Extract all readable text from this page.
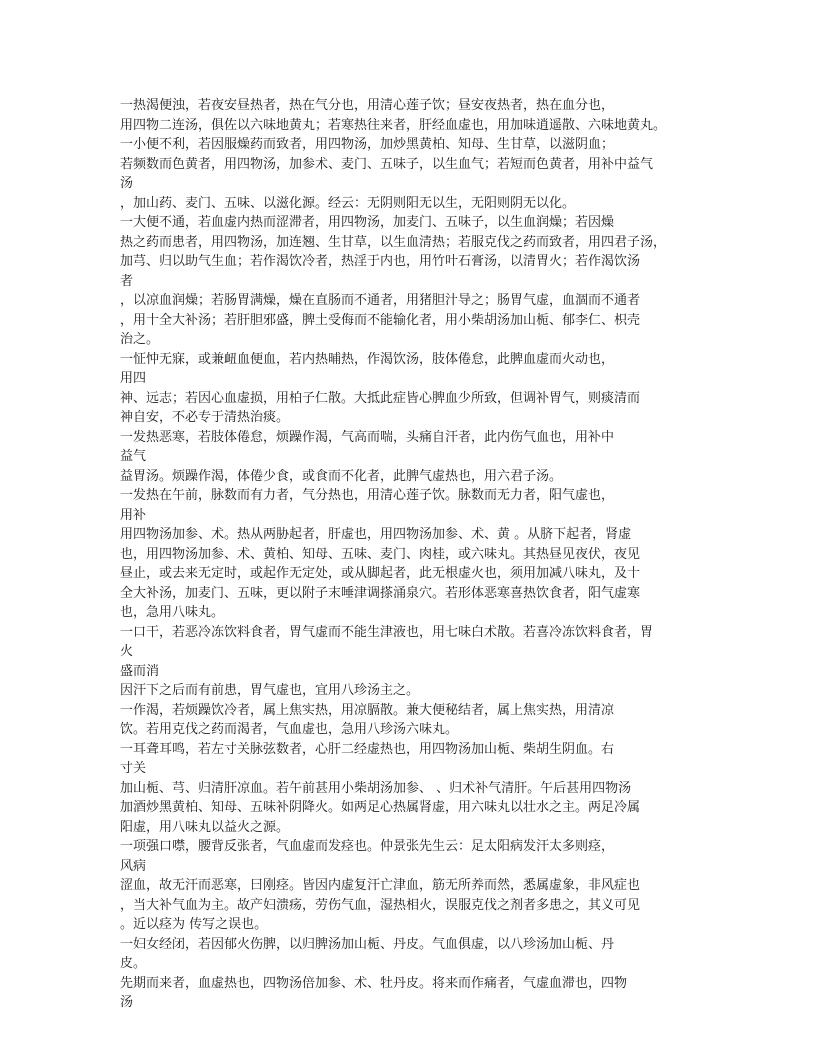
一热渴便浊，若夜安昼热者，热在气分也，用清心莲子饮；昼安夜热者，热在血分也，
用四物二连汤，俱佐以六味地黄丸；若寒热往来者，肝经血虚也，用加味逍遥散、六味地黄丸。
一小便不利，若因服燥药而致者，用四物汤，加炒黑黄柏、知母、生甘草，以滋阴血；
若频数而色黄者，用四物汤，加参术、麦门、五味子，以生血气；若短而色黄者，用补中益气
汤
，加山药、麦门、五味、以滋化源。经云：无阴则阳无以生，无阳则阴无以化。
一大便不通，若血虚内热而涩滞者，用四物汤，加麦门、五味子，以生血润燥；若因燥
热之药而患者，用四物汤，加连翘、生甘草，以生血清热；若服克伐之药而致者，用四君子汤，
加芎、归以助气生血；若作渴饮冷者，热淫于内也，用竹叶石膏汤，以清胃火；若作渴饮汤
者
，以凉血润燥；若肠胃满燥，燥在直肠而不通者，用猪胆汁导之；肠胃气虚，血涸而不通者
，用十全大补汤；若肝胆邪盛，脾土受侮而不能输化者，用小柴胡汤加山栀、郁李仁、枳壳
治之。
一怔忡无寐，或兼衄血便血，若内热晡热，作渴饮汤，肢体倦怠，此脾血虚而火动也，
用四
神、远志；若因心血虚损，用柏子仁散。大抵此症皆心脾血少所致，但调补胃气，则痰清而
神自安，不必专于清热治痰。
一发热恶寒，若肢体倦怠，烦躁作渴，气高而喘，头痛自汗者，此内伤气血也，用补中
益气
益胃汤。烦躁作渴，体倦少食，或食而不化者，此脾气虚热也，用六君子汤。
一发热在午前，脉数而有力者，气分热也，用清心莲子饮。脉数而无力者，阳气虚也，
用补
用四物汤加参、术。热从两胁起者，肝虚也，用四物汤加参、术、黄 。从脐下起者，肾虚
也，用四物汤加参、术、黄柏、知母、五味、麦门、肉桂，或六味丸。其热昼见夜伏，夜见
昼止，或去来无定时，或起作无定处，或从脚起者，此无根虚火也，须用加减八味丸，及十
全大补汤，加麦门、五味，更以附子末唾津调搽涌泉穴。若形体恶寒喜热饮食者，阳气虚寒
也，急用八味丸。
一口干，若恶冷冻饮料食者，胃气虚而不能生津液也，用七味白术散。若喜冷冻饮料食者，胃
火
盛而消
因汗下之后而有前患，胃气虚也，宜用八珍汤主之。
一作渴，若烦躁饮冷者，属上焦实热，用凉膈散。兼大便秘结者，属上焦实热，用清凉
饮。若用克伐之药而渴者，气血虚也，急用八珍汤六味丸。
一耳聋耳鸣，若左寸关脉弦数者，心肝二经虚热也，用四物汤加山栀、柴胡生阴血。右
寸关
加山栀、芎、归清肝凉血。若午前甚用小柴胡汤加参、 、归术补气清肝。午后甚用四物汤
加酒炒黑黄柏、知母、五味补阴降火。如两足心热属肾虚，用六味丸以壮水之主。两足冷属
阳虚，用八味丸以益火之源。
一项强口噤，腰背反张者，气血虚而发痉也。仲景张先生云：足太阳病发汗太多则痉，
风病
涩血，故无汗而恶寒，曰刚痉。皆因内虚复汗亡津血，筋无所养而然，悉属虚象，非风症也
，当大补气血为主。故产妇溃疡，劳伤气血，湿热相火，误服克伐之剂者多患之，其义可见
。近以痉为 传写之误也。
一妇女经闭，若因郁火伤脾，以归脾汤加山栀、丹皮。气血俱虚，以八珍汤加山栀、丹
皮。
先期而来者，血虚热也，四物汤倍加参、术、牡丹皮。将来而作痛者，气虚血滞也，四物
汤
